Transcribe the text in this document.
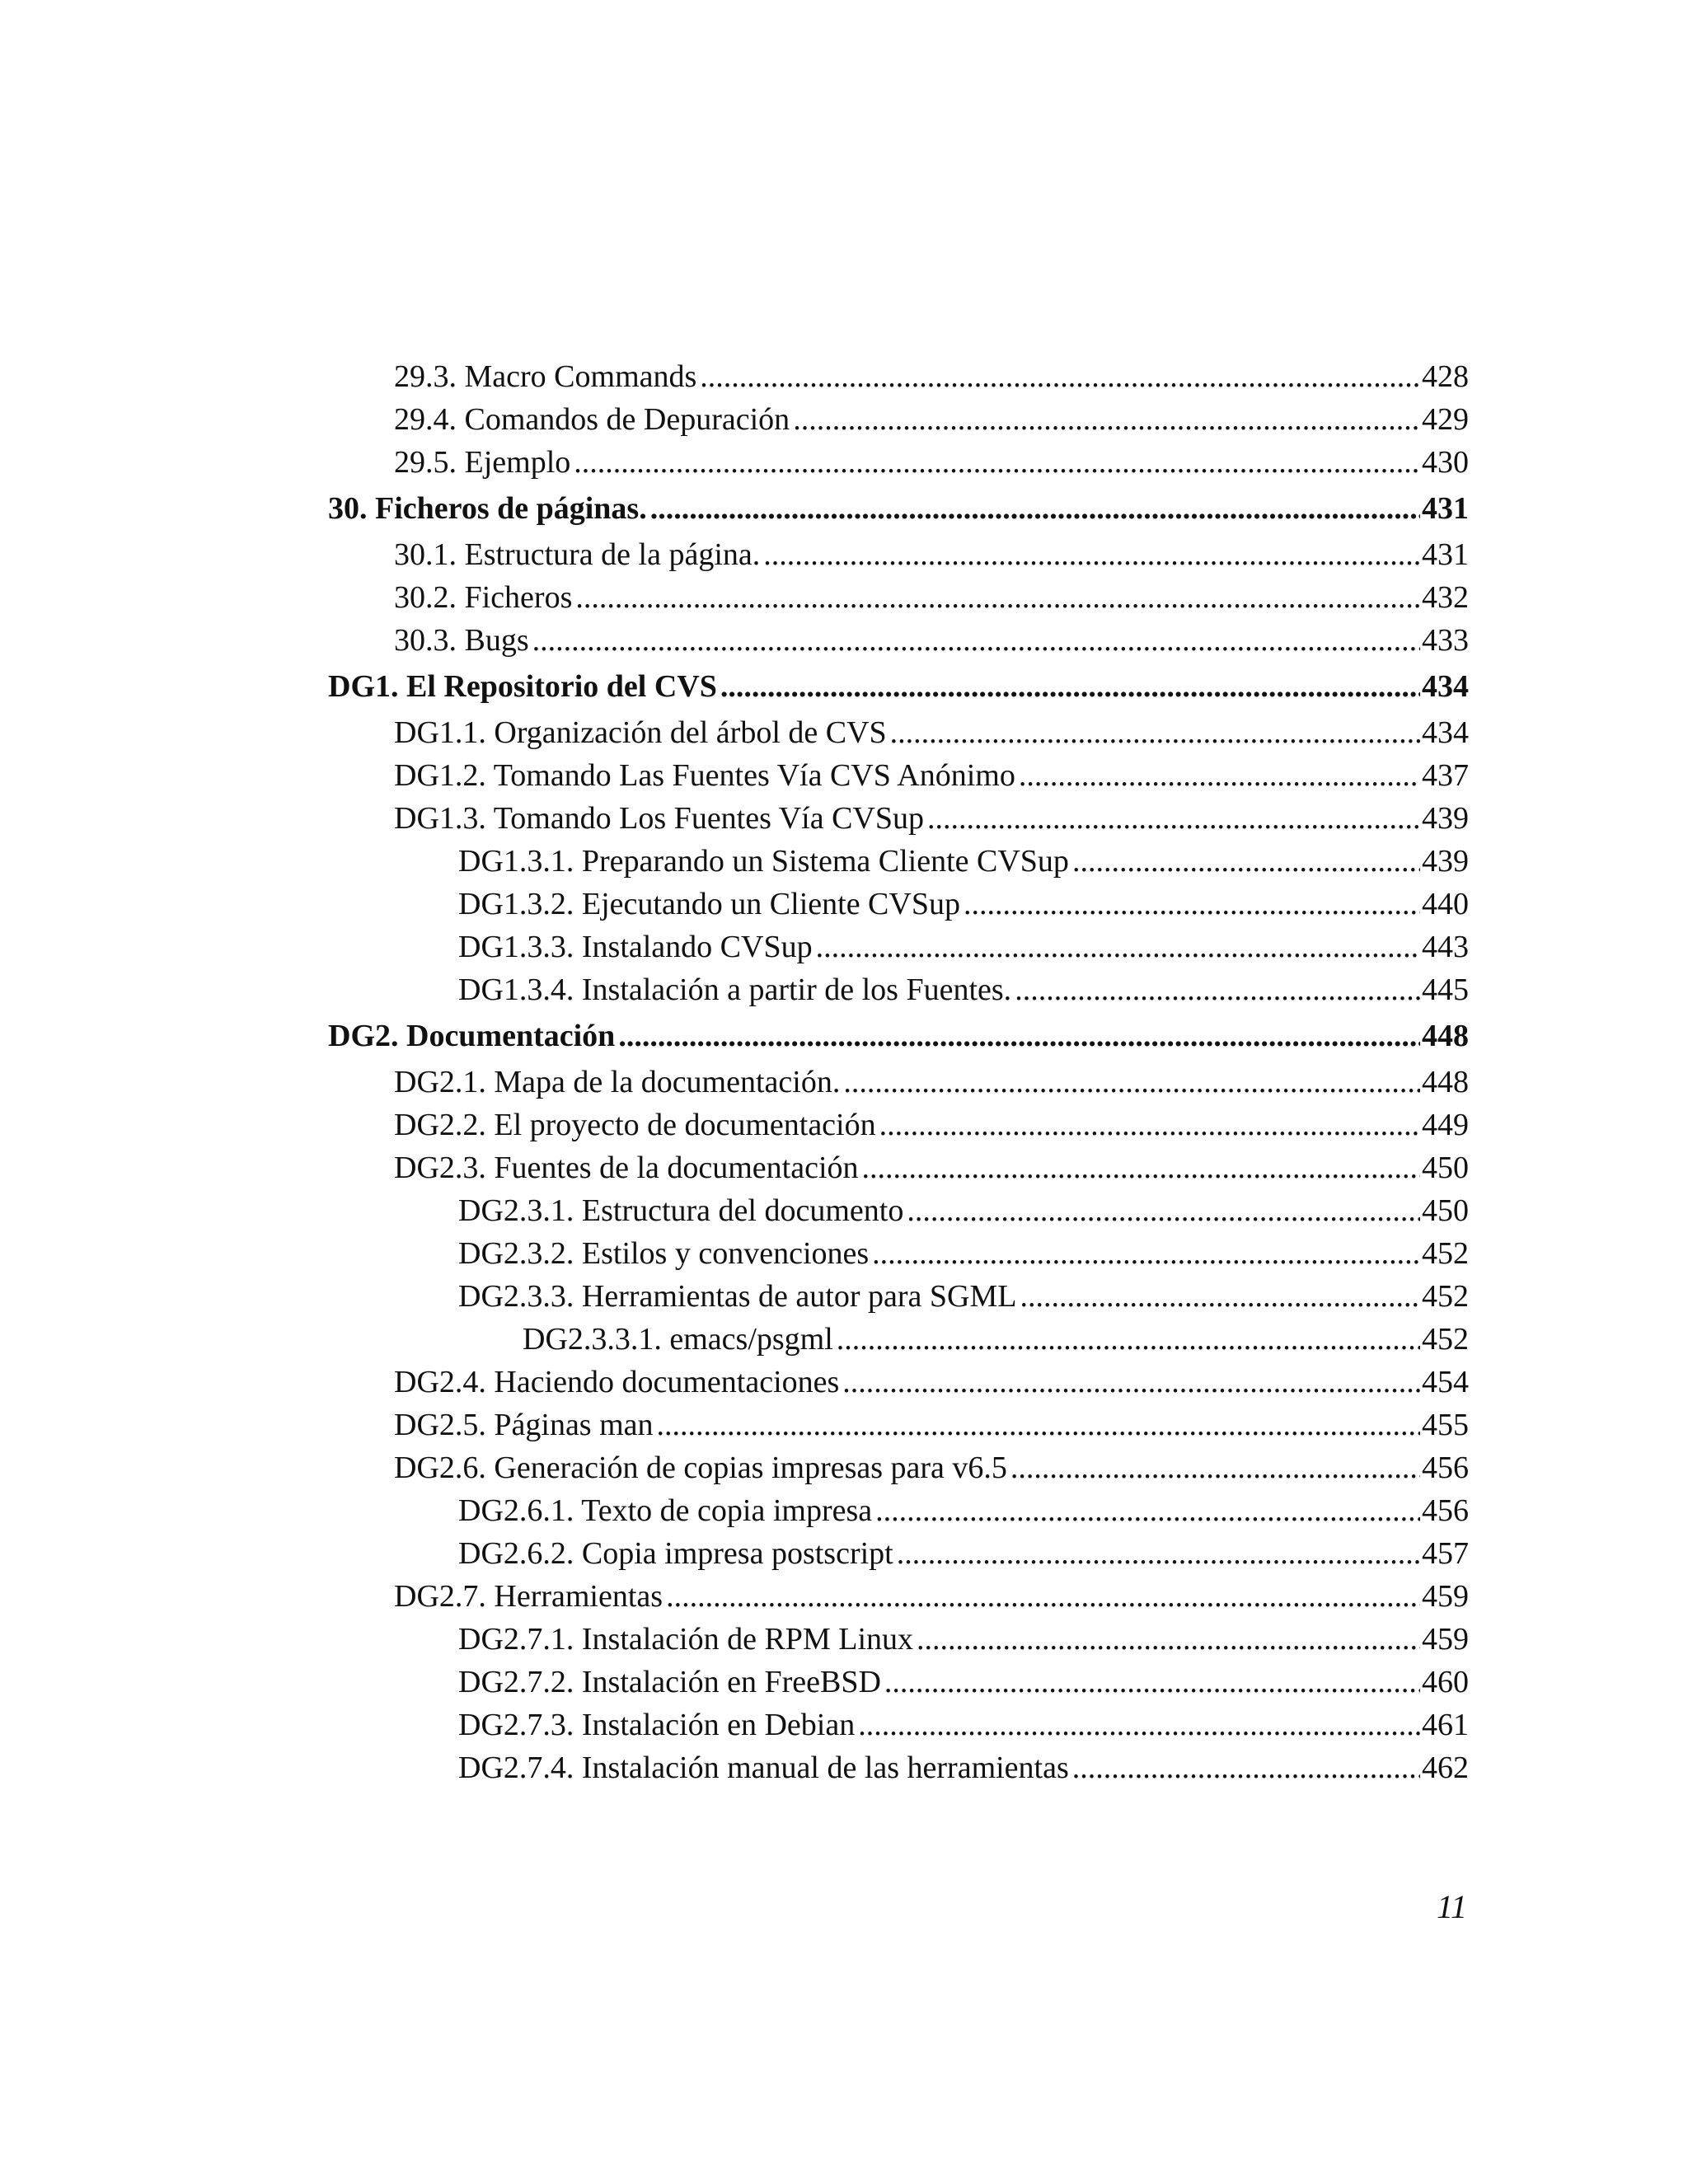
29.3. Macro Commands .....	428
29.4. Comandos de Depuración .....	429
29.5. Ejemplo .....	430
30. Ficheros de páginas. .....	431
30.1. Estructura de la página. .....	431
30.2. Ficheros .....	432
30.3. Bugs .....	433
DG1. El Repositorio del CVS .....	434
DG1.1. Organización del árbol de CVS .....	434
DG1.2. Tomando Las Fuentes Vía CVS Anónimo .....	437
DG1.3. Tomando Los Fuentes Vía CVSup .....	439
DG1.3.1. Preparando un Sistema Cliente CVSup .....	439
DG1.3.2. Ejecutando un Cliente CVSup .....	440
DG1.3.3. Instalando CVSup .....	443
DG1.3.4. Instalación a partir de los Fuentes. .....	445
DG2. Documentación .....	448
DG2.1. Mapa de la documentación. .....	448
DG2.2. El proyecto de documentación .....	449
DG2.3. Fuentes de la documentación .....	450
DG2.3.1. Estructura del documento .....	450
DG2.3.2. Estilos y convenciones .....	452
DG2.3.3. Herramientas de autor para SGML .....	452
DG2.3.3.1. emacs/psgml .....	452
DG2.4. Haciendo documentaciones .....	454
DG2.5. Páginas man .....	455
DG2.6. Generación de copias impresas para v6.5 .....	456
DG2.6.1. Texto de copia impresa .....	456
DG2.6.2. Copia impresa postscript .....	457
DG2.7. Herramientas .....	459
DG2.7.1. Instalación de RPM Linux .....	459
DG2.7.2. Instalación en FreeBSD .....	460
DG2.7.3. Instalación en Debian .....	461
DG2.7.4. Instalación manual de las herramientas .....	462
11
